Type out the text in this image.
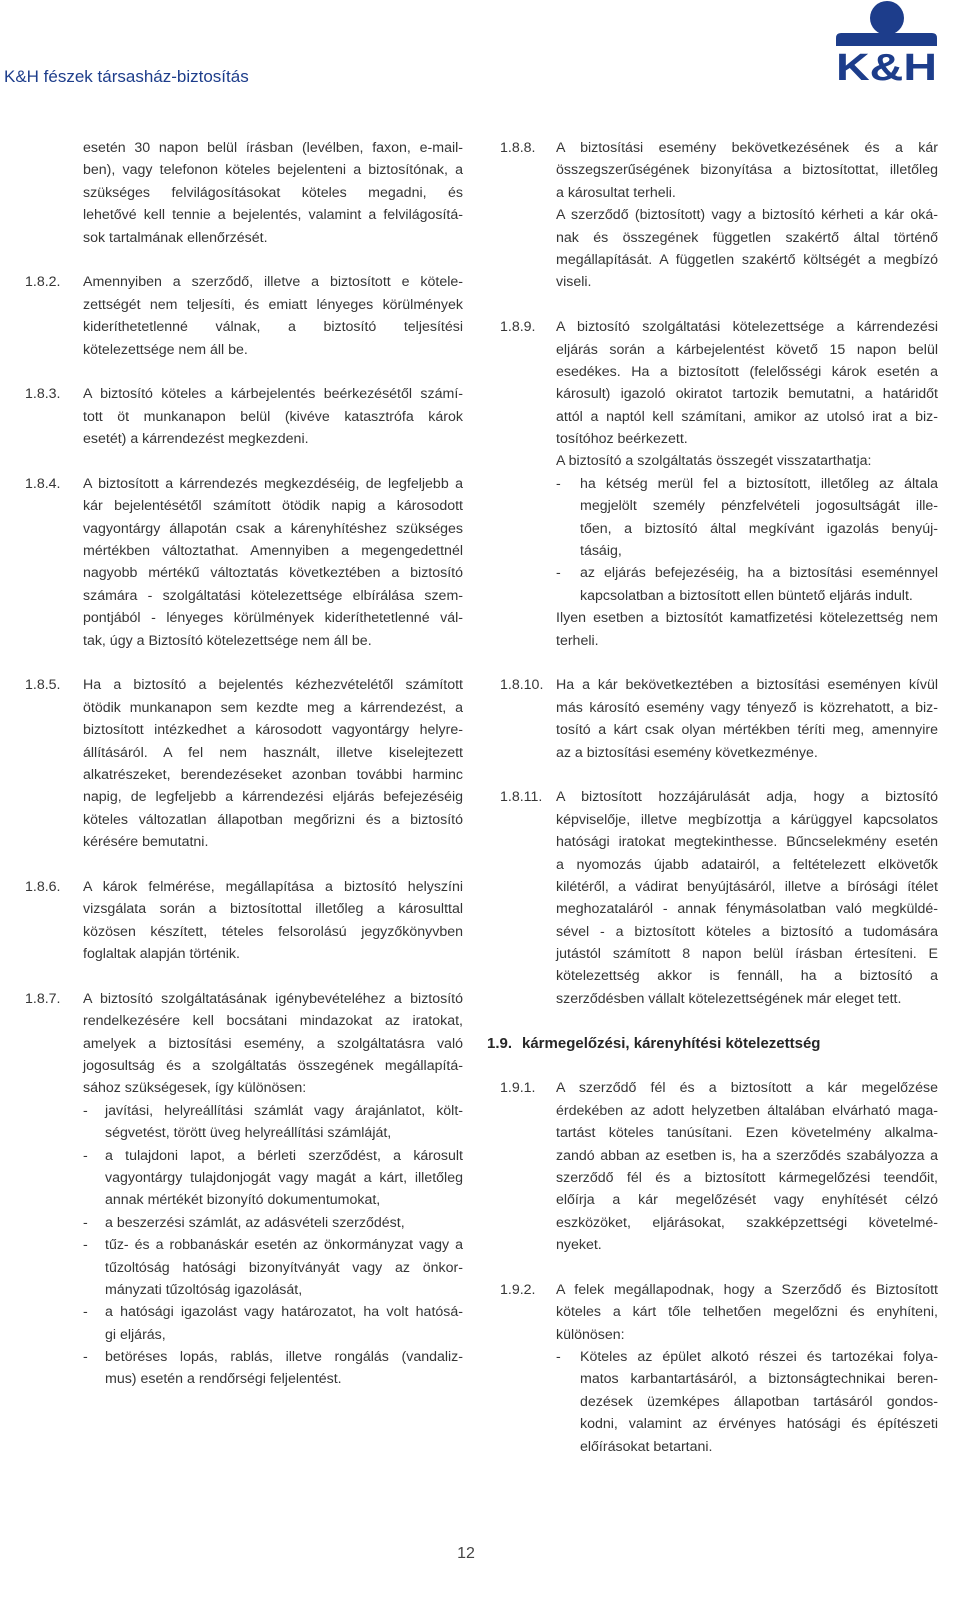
K&H fészek társasház-biztosítás	K&H
esetén 30 napon belül írásban (levélben, faxon, e-mail-
ben), vagy telefonon köteles bejelenteni a biztosítónak, a
szükséges felvilágosításokat köteles megadni, és
lehetővé kell tennie a bejelentés, valamint a felvilágosítá-
sok tartalmának ellenőrzését.
1.8.2. Amennyiben a szerződő, illetve a biztosított e kötele-
zettségét nem teljesíti, és emiatt lényeges körülmények
kideríthetetlenné válnak, a biztosító teljesítési
kötelezettsége nem áll be.
1.8.3. A biztosító köteles a kárbejelentés beérkezésétől számí-
tott öt munkanapon belül (kivéve katasztrófa károk
esetét) a kárrendezést megkezdeni.
1.8.4. A biztosított a kárrendezés megkezdéséig, de legfeljebb a
kár bejelentésétől számított ötödik napig a károsodott
vagyontárgy állapotán csak a kárenyhítéshez szükséges
mértékben változtathat. Amennyiben a megengedettnél
nagyobb mértékű változtatás következtében a biztosító
számára - szolgáltatási kötelezettsége elbírálása szem-
pontjából - lényeges körülmények kideríthetetlenné vál-
tak, úgy a Biztosító kötelezettsége nem áll be.
1.8.5. Ha a biztosító a bejelentés kézhezvételétől számított
ötödik munkanapon sem kezdte meg a kárrendezést, a
biztosított intézkedhet a károsodott vagyontárgy helyre-
állításáról. A fel nem használt, illetve kiselejtezett
alkatrészeket, berendezéseket azonban további harminc
napig, de legfeljebb a kárrendezési eljárás befejezéséig
köteles változatlan állapotban megőrizni és a biztosító
kérésére bemutatni.
1.8.6. A károk felmérése, megállapítása a biztosító helyszíni
vizsgálata során a biztosítottal illetőleg a károsulttal
közösen készített, tételes felsorolású jegyzőkönyvben
foglaltak alapján történik.
1.8.7. A biztosító szolgáltatásának igénybevételéhez a biztosító
rendelkezésére kell bocsátani mindazokat az iratokat,
amelyek a biztosítási esemény, a szolgáltatásra való
jogosultság és a szolgáltatás összegének megállapítá-
sához szükségesek, így különösen:
- javítási, helyreállítási számlát vagy árajánlatot, költ-
ségvetést, törött üveg helyreállítási számláját,
- a tulajdoni lapot, a bérleti szerződést, a károsult
vagyontárgy tulajdonjogát vagy magát a kárt, illetőleg
annak mértékét bizonyító dokumentumokat,
- a beszerzési számlát, az adásvételi szerződést,
- tűz- és a robbanáskár esetén az önkormányzat vagy a
tűzoltóság hatósági bizonyítványát vagy az önkor-
mányzati tűzoltóság igazolását,
- a hatósági igazolást vagy határozatot, ha volt hatósá-
gi eljárás,
- betöréses lopás, rablás, illetve rongálás (vandaliz-
mus) esetén a rendőrségi feljelentést.
1.8.8. A biztosítási esemény bekövetkezésének és a kár
összegszerűségének bizonyítása a biztosítottat, illetőleg
a károsultat terheli.
A szerződő (biztosított) vagy a biztosító kérheti a kár oká-
nak és összegének független szakértő által történő
megállapítását. A független szakértő költségét a megbízó
viseli.
1.8.9. A biztosító szolgáltatási kötelezettsége a kárrendezési
eljárás során a kárbejelentést követő 15 napon belül
esedékes. Ha a biztosított (felelősségi károk esetén a
károsult) igazoló okiratot tartozik bemutatni, a határidőt
attól a naptól kell számítani, amikor az utolsó irat a biz-
tosítóhoz beérkezett.
A biztosító a szolgáltatás összegét visszatarthatja:
- ha kétség merül fel a biztosított, illetőleg az általa
megjelölt személy pénzfelvételi jogosultságát ille-
tően, a biztosító által megkívánt igazolás benyúj-
tásáig,
- az eljárás befejezéséig, ha a biztosítási eseménnyel
kapcsolatban a biztosított ellen büntető eljárás indult.
Ilyen esetben a biztosítót kamatfizetési kötelezettség nem
terheli.
1.8.10. Ha a kár bekövetkeztében a biztosítási eseményen kívül
más károsító esemény vagy tényező is közrehatott, a biz-
tosító a kárt csak olyan mértékben téríti meg, amennyire
az a biztosítási esemény következménye.
1.8.11. A biztosított hozzájárulását adja, hogy a biztosító
képviselője, illetve megbízottja a kárüggyel kapcsolatos
hatósági iratokat megtekinthesse. Bűncselekmény esetén
a nyomozás újabb adatairól, a feltételezett elkövetők
kilétéről, a vádirat benyújtásáról, illetve a bírósági ítélet
meghozataláról - annak fénymásolatban való megküldé-
sével - a biztosított köteles a biztosító a tudomására
jutástól számított 8 napon belül írásban értesíteni. E
kötelezettség akkor is fennáll, ha a biztosító a
szerződésben vállalt kötelezettségének már eleget tett.
1.9. kármegelőzési, kárenyhítési kötelezettség
1.9.1. A szerződő fél és a biztosított a kár megelőzése
érdekében az adott helyzetben általában elvárható maga-
tartást köteles tanúsítani. Ezen követelmény alkalma-
zandó abban az esetben is, ha a szerződés szabályozza a
szerződő fél és a biztosított kármegelőzési teendőit,
előírja a kár megelőzését vagy enyhítését célzó
eszközöket, eljárásokat, szakképzettségi követelmé-
nyeket.
1.9.2. A felek megállapodnak, hogy a Szerződő és Biztosított
köteles a kárt tőle telhetően megelőzni és enyhíteni,
különösen:
- Köteles az épület alkotó részei és tartozékai folya-
matos karbantartásáról, a biztonságtechnikai beren-
dezések üzemképes állapotban tartásáról gondos-
kodni, valamint az érvényes hatósági és építészeti
előírásokat betartani.
12
